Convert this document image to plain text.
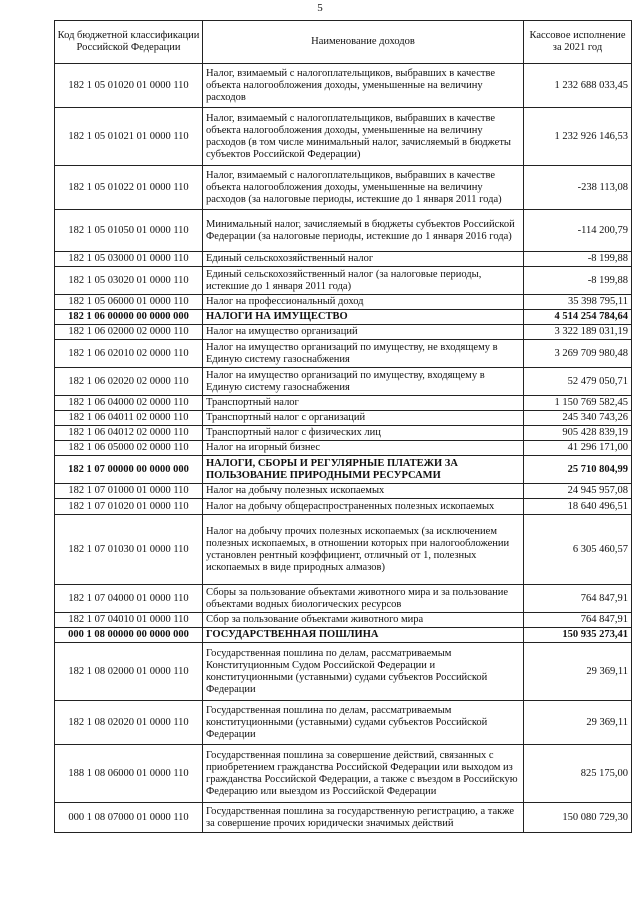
5
Код бюджетной классификации Российской Федерации	Наименование доходов	Кассовое исполнение за 2021 год
182 1 05 01020 01 0000 110	Налог, взимаемый с налогоплательщиков, выбравших в качестве объекта налогообложения доходы, уменьшенные на величину расходов	1 232 688 033,45
182 1 05 01021 01 0000 110	Налог, взимаемый с налогоплательщиков, выбравших в качестве объекта налогообложения доходы, уменьшенные на величину расходов (в том числе минимальный налог, зачисляемый в бюджеты субъектов Российской Федерации)	1 232 926 146,53
182 1 05 01022 01 0000 110	Налог, взимаемый с налогоплательщиков, выбравших в качестве объекта налогообложения доходы, уменьшенные на величину расходов (за налоговые периоды, истекшие до 1 января 2011 года)	-238 113,08
182 1 05 01050 01 0000 110	Минимальный налог, зачисляемый в бюджеты субъектов Российской Федерации (за налоговые периоды, истекшие до 1 января 2016 года)	-114 200,79
182 1 05 03000 01 0000 110	Единый сельскохозяйственный налог	-8 199,88
182 1 05 03020 01 0000 110	Единый сельскохозяйственный налог (за налоговые периоды, истекшие до 1 января 2011 года)	-8 199,88
182 1 05 06000 01 0000 110	Налог на профессиональный доход	35 398 795,11
182 1 06 00000 00 0000 000	НАЛОГИ НА ИМУЩЕСТВО	4 514 254 784,64
182 1 06 02000 02 0000 110	Налог на имущество организаций	3 322 189 031,19
182 1 06 02010 02 0000 110	Налог на имущество организаций по имуществу, не входящему в Единую систему газоснабжения	3 269 709 980,48
182 1 06 02020 02 0000 110	Налог на имущество организаций по имуществу, входящему в Единую систему газоснабжения	52 479 050,71
182 1 06 04000 02 0000 110	Транспортный налог	1 150 769 582,45
182 1 06 04011 02 0000 110	Транспортный налог с организаций	245 340 743,26
182 1 06 04012 02 0000 110	Транспортный налог с физических лиц	905 428 839,19
182 1 06 05000 02 0000 110	Налог на игорный бизнес	41 296 171,00
182 1 07 00000 00 0000 000	НАЛОГИ, СБОРЫ И РЕГУЛЯРНЫЕ ПЛАТЕЖИ ЗА ПОЛЬЗОВАНИЕ ПРИРОДНЫМИ РЕСУРСАМИ	25 710 804,99
182 1 07 01000 01 0000 110	Налог на добычу полезных ископаемых	24 945 957,08
182 1 07 01020 01 0000 110	Налог на добычу общераспространенных полезных ископаемых	18 640 496,51
182 1 07 01030 01 0000 110	Налог на добычу прочих полезных ископаемых (за исключением полезных ископаемых, в отношении которых при налогообложении установлен рентный коэффициент, отличный от 1, полезных ископаемых в виде природных алмазов)	6 305 460,57
182 1 07 04000 01 0000 110	Сборы за пользование объектами животного мира и за пользование объектами водных биологических ресурсов	764 847,91
182 1 07 04010 01 0000 110	Сбор за пользование объектами животного мира	764 847,91
000 1 08 00000 00 0000 000	ГОСУДАРСТВЕННАЯ ПОШЛИНА	150 935 273,41
182 1 08 02000 01 0000 110	Государственная пошлина по делам, рассматриваемым Конституционным Судом Российской Федерации и конституционными (уставными) судами субъектов Российской Федерации	29 369,11
182 1 08 02020 01 0000 110	Государственная пошлина по делам, рассматриваемым конституционными (уставными) судами субъектов Российской Федерации	29 369,11
188 1 08 06000 01 0000 110	Государственная пошлина за совершение действий, связанных с приобретением гражданства Российской Федерации или выходом из гражданства Российской Федерации, а также с въездом в Российскую Федерацию или выездом из Российской Федерации	825 175,00
000 1 08 07000 01 0000 110	Государственная пошлина за государственную регистрацию, а также за совершение прочих юридически значимых действий	150 080 729,30
